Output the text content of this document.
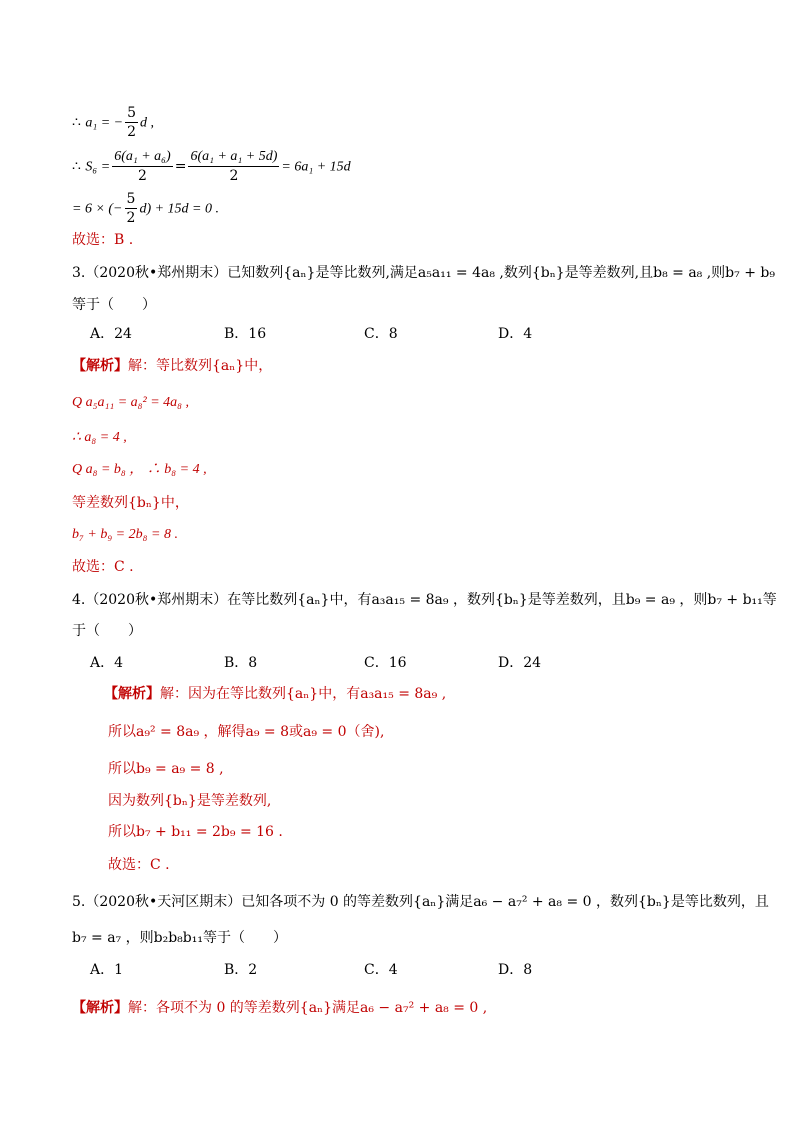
∴ a₁ = − $\frac{5}{2}$ d ,
∴ $S_6 = \frac{\text{6(a₁ + a₆)}}{2} = \frac{\text{6(a₁ + a₁ + 5d)}}{2} = 6a_1 + 15d$
= 6 × (− $\frac{5}{2} d) + 15d = 0$ .
故选：B .
3.（2020秋•郑州期末）已知数列{aₙ}是等比数列,满足a₅a₁₁ = 4a₈ ,数列{bₙ}是等差数列,且b₈ = a₈ ,则b₇ + b₉
等于（　　）
A．24	B．16	C．8	D．4
【解析】解：等比数列{aₙ}中，
Q a₅a₁₁ = a₈² = 4a₈ ,
∴ a₈ = 4 ,
Q a₈ = b₈ ， ∴ b₈ = 4 ,
等差数列{bₙ}中，
b₇ + b₉ = 2b₈ = 8 .
故选：C .
4.（2020秋•郑州期末）在等比数列{aₙ}中，有a₃a₁₅ = 8a₉ ，数列{bₙ}是等差数列，且b₉ = a₉ ，则b₇ + b₁₁等
于（　　）
A．4	B．8	C．16	D．24
【解析】解：因为在等比数列{aₙ}中，有a₃a₁₅ = 8a₉ ,
所以a₉² = 8a₉ ，解得a₉ = 8或a₉ = 0（舍),
所以b₉ = a₉ = 8 ,
因为数列{bₙ}是等差数列,
所以b₇ + b₁₁ = 2b₉ = 16 .
故选：C .
5.（2020秋•天河区期末）已知各项不为 0 的等差数列{aₙ}满足a₆ − a₇² + a₈ = 0 ，数列{bₙ}是等比数列，且
b₇ = a₇ ，则b₂b₈b₁₁等于（　　）
A．1	B．2	C．4	D．8
【解析】解：各项不为 0 的等差数列{aₙ}满足a₆ − a₇² + a₈ = 0 ,
